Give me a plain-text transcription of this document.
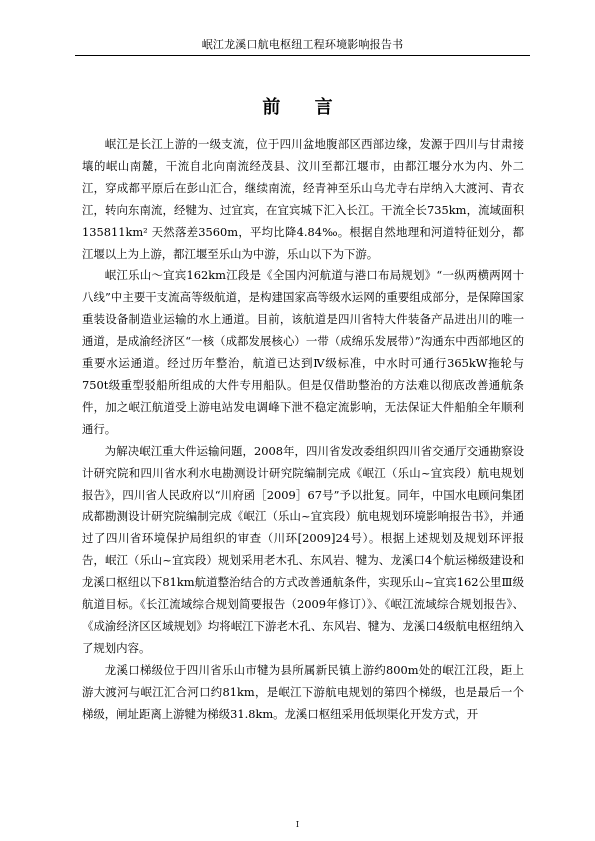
岷江龙溪口航电枢纽工程环境影响报告书
前 言

岷江是长江上游的一级支流，位于四川盆地腹部区西部边缘，发源于四川与甘肃接壤的岷山南麓，干流自北向南流经茂县、汶川至都江堰市，由都江堰分水为内、外二江，穿成都平原后在彭山汇合，继续南流，经青神至乐山乌尤寺右岸纳入大渡河、青衣江，转向东南流，经犍为、过宜宾，在宜宾城下汇入长江。干流全长735km，流域面积135811km² 天然落差3560m，平均比降4.84‰。根据自然地理和河道特征划分，都江堰以上为上游，都江堰至乐山为中游，乐山以下为下游。

岷江乐山～宜宾162km江段是《全国内河航道与港口布局规划》“一纵两横两网十八线”中主要干支流高等级航道，是构建国家高等级水运网的重要组成部分，是保障国家重装设备制造业运输的水上通道。目前，该航道是四川省特大件装备产品进出川的唯一通道，是成渝经济区“一核（成都发展核心）一带（成绵乐发展带）”沟通东中西部地区的重要水运通道。经过历年整治，航道已达到Ⅳ级标准，中水时可通行365kW拖轮与750t级重型驳船所组成的大件专用船队。但是仅借助整治的方法难以彻底改善通航条件，加之岷江航道受上游电站发电调峰下泄不稳定流影响，无法保证大件船舶全年顺利通行。

为解决岷江重大件运输问题，2008年，四川省发改委组织四川省交通厅交通勘察设计研究院和四川省水利水电勘测设计研究院编制完成《岷江（乐山~宜宾段）航电规划报告》，四川省人民政府以“川府函［2009］67号”予以批复。同年，中国水电顾问集团成都勘测设计研究院编制完成《岷江（乐山~宜宾段）航电规划环境影响报告书》，并通过了四川省环境保护局组织的审查（川环[2009]24号）。根据上述规划及规划环评报告，岷江（乐山~宜宾段）规划采用老木孔、东风岩、犍为、龙溪口4个航运梯级建设和龙溪口枢纽以下81km航道整治结合的方式改善通航条件，实现乐山~宜宾162公里Ⅲ级航道目标。《长江流域综合规划简要报告（2009年修订）》、《岷江流域综合规划报告》、《成渝经济区区域规划》均将岷江下游老木孔、东风岩、犍为、龙溪口4级航电枢纽纳入了规划内容。

龙溪口梯级位于四川省乐山市犍为县所属新民镇上游约800m处的岷江江段，距上游大渡河与岷江汇合河口约81km，是岷江下游航电规划的第四个梯级，也是最后一个梯级，闸址距离上游犍为梯级31.8km。龙溪口枢纽采用低坝渠化开发方式，开

I
